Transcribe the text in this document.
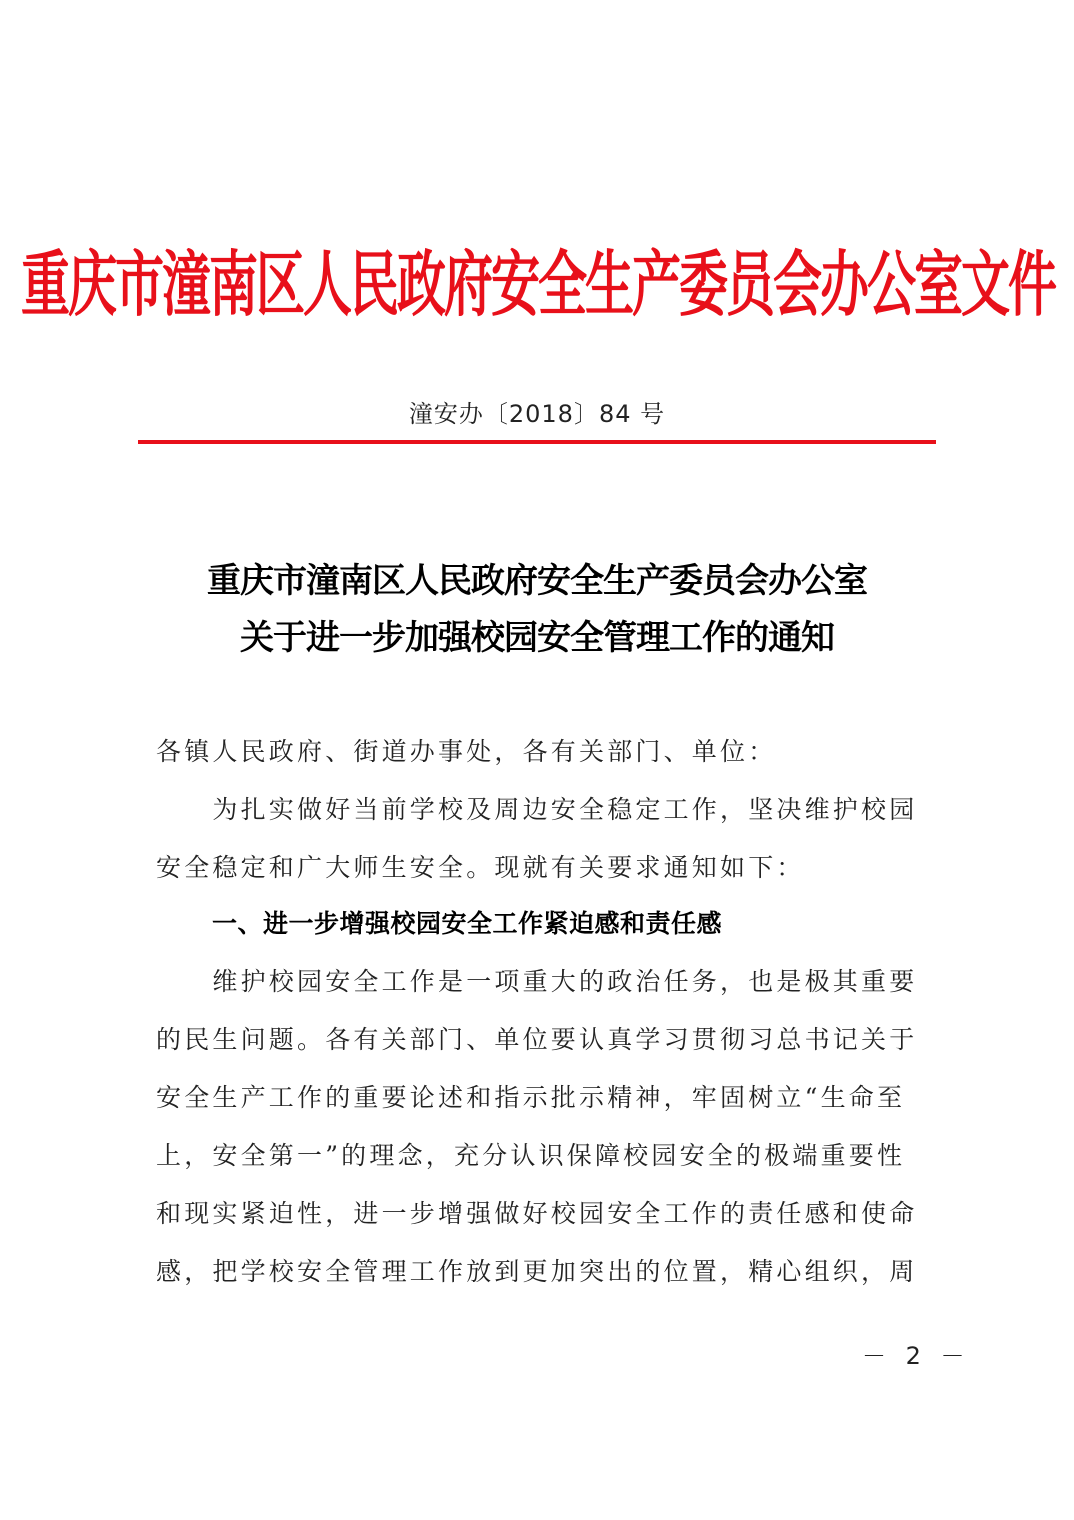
重庆市潼南区人民政府安全生产委员会办公室文件
潼安办〔2018〕84 号
重庆市潼南区人民政府安全生产委员会办公室
关于进一步加强校园安全管理工作的通知
各镇人民政府、街道办事处，各有关部门、单位：
　　为扎实做好当前学校及周边安全稳定工作，坚决维护校园
安全稳定和广大师生安全。现就有关要求通知如下：
一、进一步增强校园安全工作紧迫感和责任感
　　维护校园安全工作是一项重大的政治任务，也是极其重要
的民生问题。各有关部门、单位要认真学习贯彻习总书记关于
安全生产工作的重要论述和指示批示精神，牢固树立“生命至
上，安全第一”的理念，充分认识保障校园安全的极端重要性
和现实紧迫性，进一步增强做好校园安全工作的责任感和使命
感，把学校安全管理工作放到更加突出的位置，精心组织，周
－ 2 －
